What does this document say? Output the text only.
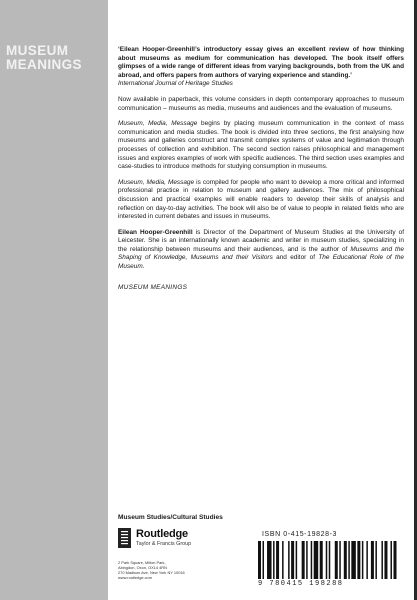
MUSEUM
MEANINGS

‘Eilean Hooper-Greenhill’s introductory essay gives an excellent review of how thinking about museums as medium for communication has developed. The book itself offers glimpses of a wide range of different ideas from varying backgrounds, both from the UK and abroad, and offers papers from authors of varying experience and standing.’
International Journal of Heritage Studies

Now available in paperback, this volume considers in depth contemporary approaches to museum communication – museums as media, museums and audiences and the evaluation of museums.

Museum, Media, Message begins by placing museum communication in the context of mass communication and media studies. The book is divided into three sections, the first analysing how museums and galleries construct and transmit complex systems of value and legitimation through processes of collection and exhibition. The second section raises philosophical and management issues and explores examples of work with specific audiences. The third section uses examples and case-studies to introduce methods for studying consumption in museums.

Museum, Media, Message is compiled for people who want to develop a more critical and informed professional practice in relation to museum and gallery audiences. The mix of philosophical discussion and practical examples will enable readers to develop their skills of analysis and reflection on day-to-day activities. The book will also be of value to people in related fields who are interested in current debates and issues in museums.

Eilean Hooper-Greenhill is Director of the Department of Museum Studies at the University of Leicester. She is an internationally known academic and writer in museum studies, specializing in the relationship between museums and their audiences, and is the author of Museums and the Shaping of Knowledge, Museums and their Visitors and editor of The Educational Role of the Museum.

MUSEUM MEANINGS

Museum Studies/Cultural Studies
Routledge
Taylor & Francis Group
2 Park Square, Milton Park,
Abingdon, Oxon, OX14 4RN
270 Madison Ave, New York NY 10016
www.routledge.com
ISBN 0-415-19828-3
9 780415 198288
